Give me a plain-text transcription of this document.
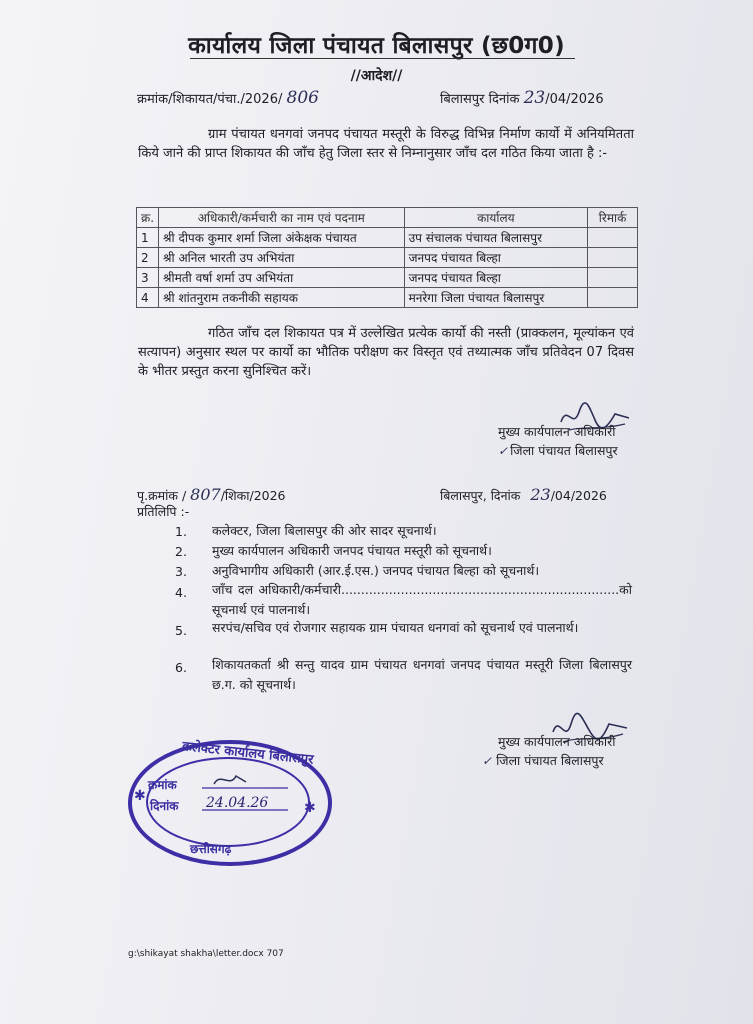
कार्यालय जिला पंचायत बिलासपुर (छ0ग0)
//आदेश//
क्रमांक/शिकायत/पंचा./2026/ 806	बिलासपुर दिनांक 23/04/2026
ग्राम पंचायत धनगवां जनपद पंचायत मस्तूरी के विरुद्ध विभिन्न निर्माण कार्यो में अनियमितता किये जाने की प्राप्त शिकायत की जाँच हेतु जिला स्तर से निम्नानुसार जाँच दल गठित किया जाता है :-
क्र.	अधिकारी/कर्मचारी का नाम एवं पदनाम	कार्यालय	रिमार्क
1	श्री दीपक कुमार शर्मा जिला अंकेक्षक पंचायत	उप संचालक पंचायत बिलासपुर	
2	श्री अनिल भारती उप अभियंता	जनपद पंचायत बिल्हा	
3	श्रीमती वर्षा शर्मा उप अभियंता	जनपद पंचायत बिल्हा	
4	श्री शांतनुराम तकनीकी सहायक	मनरेगा जिला पंचायत बिलासपुर	
गठित जाँच दल शिकायत पत्र में उल्लेखित प्रत्येक कार्यो की नस्ती (प्राक्कलन, मूल्यांकन एवं सत्यापन) अनुसार स्थल पर कार्यो का भौतिक परीक्षण कर विस्तृत एवं तथ्यात्मक जाँच प्रतिवेदन 07 दिवस के भीतर प्रस्तुत करना सुनिश्चित करें।
मुख्य कार्यपालन अधिकारी
✓ जिला पंचायत बिलासपुर
पृ.क्रमांक / 807/शिका/2026	बिलासपुर, दिनांक 23/04/2026
प्रतिलिपि :-
1. कलेक्टर, जिला बिलासपुर की ओर सादर सूचनार्थ।
2. मुख्य कार्यपालन अधिकारी जनपद पंचायत मस्तूरी को सूचनार्थ।
3. अनुविभागीय अधिकारी (आर.ई.एस.) जनपद पंचायत बिल्हा को सूचनार्थ।
4. जाँच दल अधिकारी/कर्मचारी......................................................................को सूचनार्थ एवं पालनार्थ।
5. सरपंच/सचिव एवं रोजगार सहायक ग्राम पंचायत धनगवां को सूचनार्थ एवं पालनार्थ।
6. शिकायतकर्ता श्री सन्तु यादव ग्राम पंचायत धनगवां जनपद पंचायत मस्तूरी जिला बिलासपुर छ.ग. को सूचनार्थ।
मुख्य कार्यपालन अधिकारी
✓ जिला पंचायत बिलासपुर
कलेक्टर कार्यालय बिलासपुर
क्रमांक
दिनांक 24.04.26
छत्तीसगढ़
✱
✱
g:\shikayat shakha\letter.docx 707
